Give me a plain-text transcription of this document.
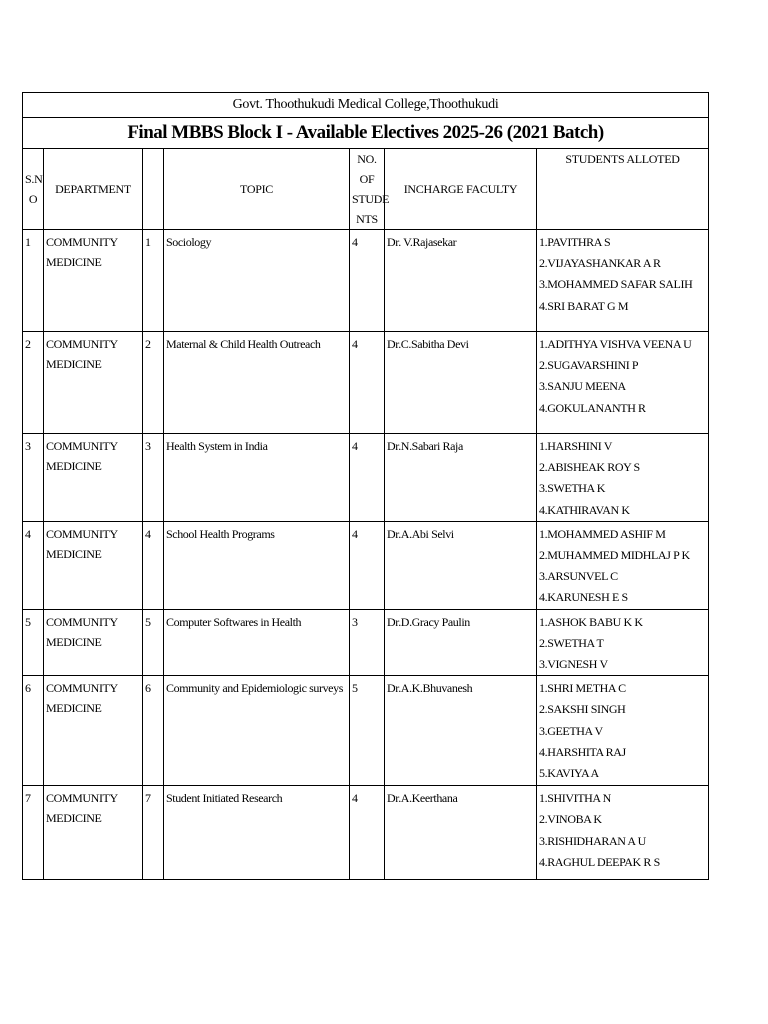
Govt. Thoothukudi Medical College,Thoothukudi						
Final MBBS Block I - Available Electives 2025-26 (2021 Batch)						
S.N O	DEPARTMENT		TOPIC	NO. OF STUDE NTS	INCHARGE FACULTY	STUDENTS ALLOTED
1	COMMUNITY MEDICINE	1	Sociology	4	Dr. V.Rajasekar	1.PAVITHRA S
2.VIJAYASHANKAR A R
3.MOHAMMED SAFAR SALIH
4.SRI BARAT G M

2	COMMUNITY MEDICINE	2	Maternal & Child Health Outreach	4	Dr.C.Sabitha Devi	1.ADITHYA VISHVA VEENA U
2.SUGAVARSHINI P
3.SANJU MEENA
4.GOKULANANTH R

3	COMMUNITY MEDICINE	3	Health System in India	4	Dr.N.Sabari Raja	1.HARSHINI V
2.ABISHEAK ROY S
3.SWETHA K
4.KATHIRAVAN K

4	COMMUNITY MEDICINE	4	School Health Programs	4	Dr.A.Abi Selvi	1.MOHAMMED ASHIF M
2.MUHAMMED MIDHLAJ P K
3.ARSUNVEL C
4.KARUNESH E S

5	COMMUNITY MEDICINE	5	Computer Softwares in Health	3	Dr.D.Gracy Paulin	1.ASHOK BABU K K
2.SWETHA T
3.VIGNESH V

6	COMMUNITY MEDICINE	6	Community and Epidemiologic surveys	5	Dr.A.K.Bhuvanesh	1.SHRI METHA C
2.SAKSHI SINGH
3.GEETHA V
4.HARSHITA RAJ
5.KAVIYA A

7	COMMUNITY MEDICINE	7	Student Initiated Research	4	Dr.A.Keerthana	1.SHIVITHA N
2.VINOBA K
3.RISHIDHARAN A U
4.RAGHUL DEEPAK R S
